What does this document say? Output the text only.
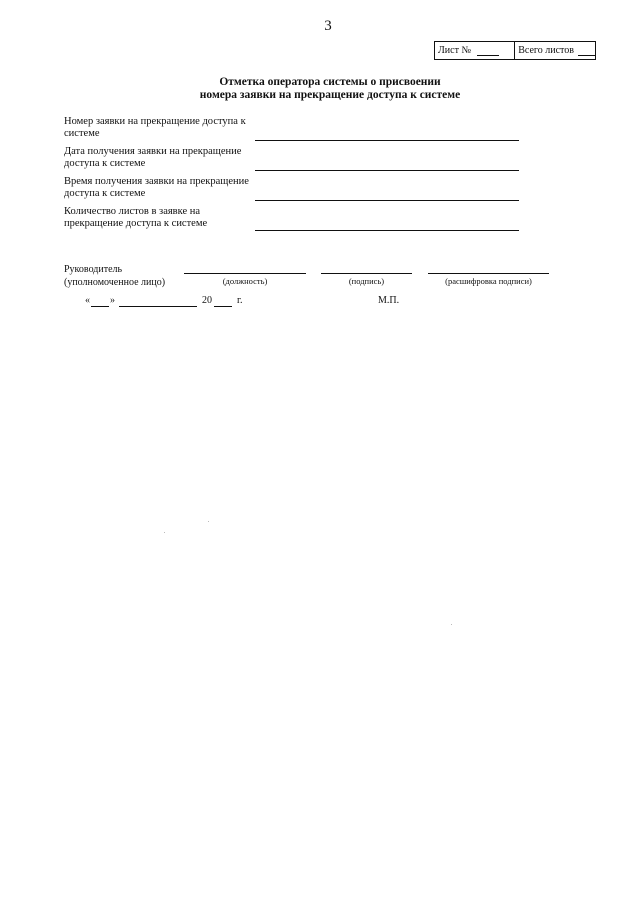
3
Лист №	Всего листов
Отметка оператора системы о присвоении
номера заявки на прекращение доступа к системе
Номер заявки на прекращение доступа к системе
Дата получения заявки на прекращение доступа к системе
Время получения заявки на прекращение доступа к системе
Количество листов в заявке на прекращение доступа к системе
Руководитель
(уполномоченное лицо)	(должность)	(подпись)	(расшифровка подписи)
« »	20	г.	М.П.
